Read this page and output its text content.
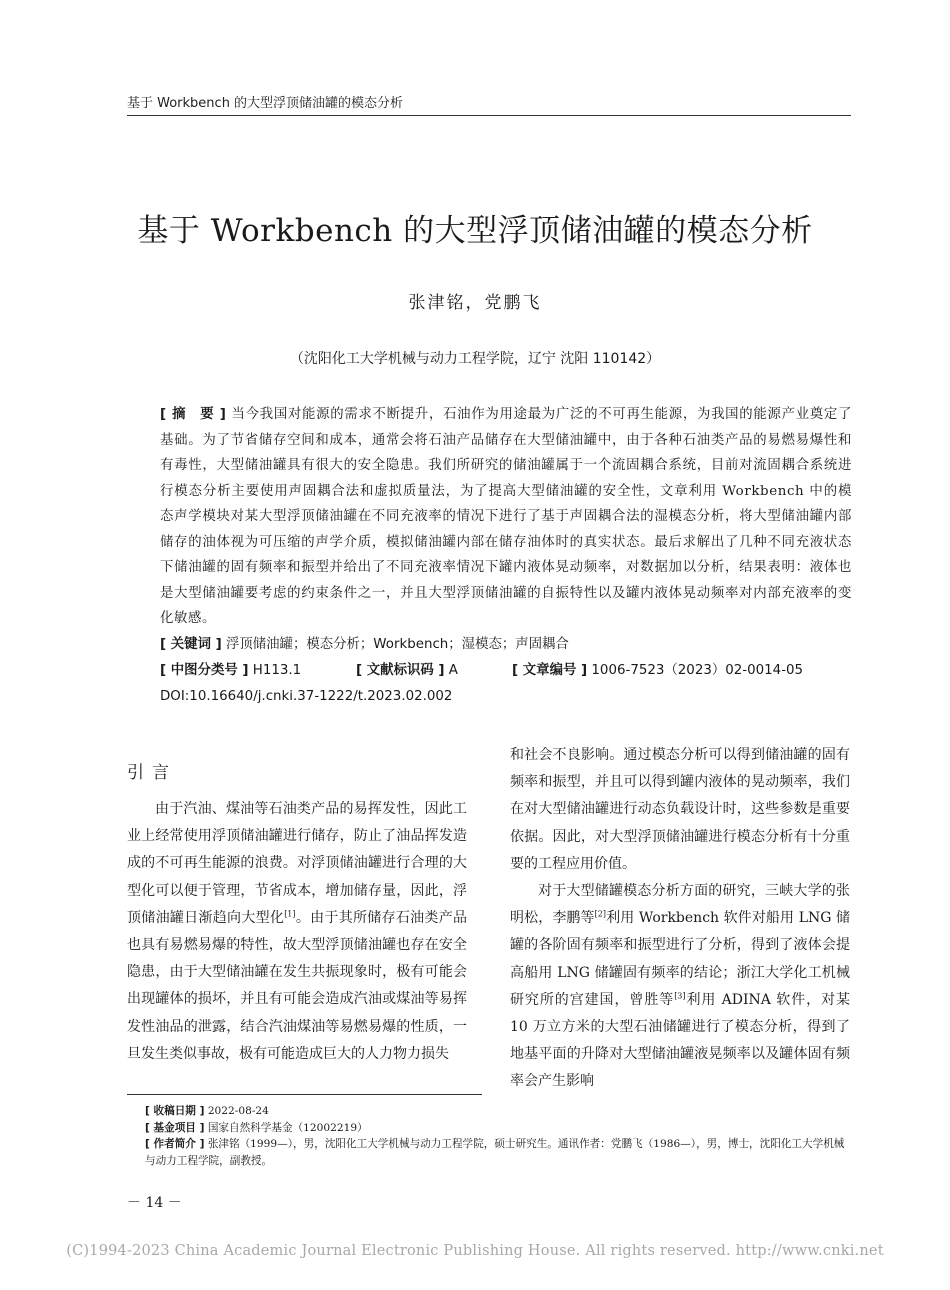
基于 Workbench 的大型浮顶储油罐的模态分析
基于 Workbench 的大型浮顶储油罐的模态分析
张津铭，党鹏飞
（沈阳化工大学机械与动力工程学院，辽宁 沈阳 110142）
[ 摘　要 ] 当今我国对能源的需求不断提升，石油作为用途最为广泛的不可再生能源，为我国的能源产业奠定了基础。为了节省储存空间和成本，通常会将石油产品储存在大型储油罐中，由于各种石油类产品的易燃易爆性和有毒性，大型储油罐具有很大的安全隐患。我们所研究的储油罐属于一个流固耦合系统，目前对流固耦合系统进行模态分析主要使用声固耦合法和虚拟质量法，为了提高大型储油罐的安全性，文章利用 Workbench 中的模态声学模块对某大型浮顶储油罐在不同充液率的情况下进行了基于声固耦合法的湿模态分析，将大型储油罐内部储存的油体视为可压缩的声学介质，模拟储油罐内部在储存油体时的真实状态。最后求解出了几种不同充液状态下储油罐的固有频率和振型并给出了不同充液率情况下罐内液体晃动频率，对数据加以分析，结果表明：液体也是大型储油罐要考虑的约束条件之一，并且大型浮顶储油罐的自振特性以及罐内液体晃动频率对内部充液率的变化敏感。
[ 关键词 ] 浮顶储油罐；模态分析；Workbench；湿模态；声固耦合
[ 中图分类号 ] H113.1	[ 文献标识码 ] A	[ 文章编号 ] 1006-7523（2023）02-0014-05
DOI:10.16640/j.cnki.37-1222/t.2023.02.002
引言

由于汽油、煤油等石油类产品的易挥发性，因此工业上经常使用浮顶储油罐进行储存，防止了油品挥发造成的不可再生能源的浪费。对浮顶储油罐进行合理的大型化可以便于管理，节省成本，增加储存量，因此，浮顶储油罐日渐趋向大型化[1]。由于其所储存石油类产品也具有易燃易爆的特性，故大型浮顶储油罐也存在安全隐患，由于大型储油罐在发生共振现象时，极有可能会出现罐体的损坏，并且有可能会造成汽油或煤油等易挥发性油品的泄露，结合汽油煤油等易燃易爆的性质，一旦发生类似事故，极有可能造成巨大的人力物力损失

和社会不良影响。通过模态分析可以得到储油罐的固有频率和振型，并且可以得到罐内液体的晃动频率，我们在对大型储油罐进行动态负载设计时，这些参数是重要依据。因此，对大型浮顶储油罐进行模态分析有十分重要的工程应用价值。

对于大型储罐模态分析方面的研究，三峡大学的张明松，李鹏等[2]利用 Workbench 软件对船用 LNG 储罐的各阶固有频率和振型进行了分析，得到了液体会提高船用 LNG 储罐固有频率的结论；浙江大学化工机械研究所的宫建国，曾胜等[3]利用 ADINA 软件，对某 10 万立方米的大型石油储罐进行了模态分析，得到了地基平面的升降对大型储油罐液晃频率以及罐体固有频率会产生影响

[ 收稿日期 ] 2022-08-24

[ 基金项目 ] 国家自然科学基金（12002219）

[ 作者简介 ] 张津铭（1999—），男，沈阳化工大学机械与动力工程学院，硕士研究生。通讯作者：党鹏飞（1986—），男，博士，沈阳化工大学机械与动力工程学院，副教授。

－ 14 －
(C)1994-2023 China Academic Journal Electronic Publishing House. All rights reserved. http://www.cnki.net
